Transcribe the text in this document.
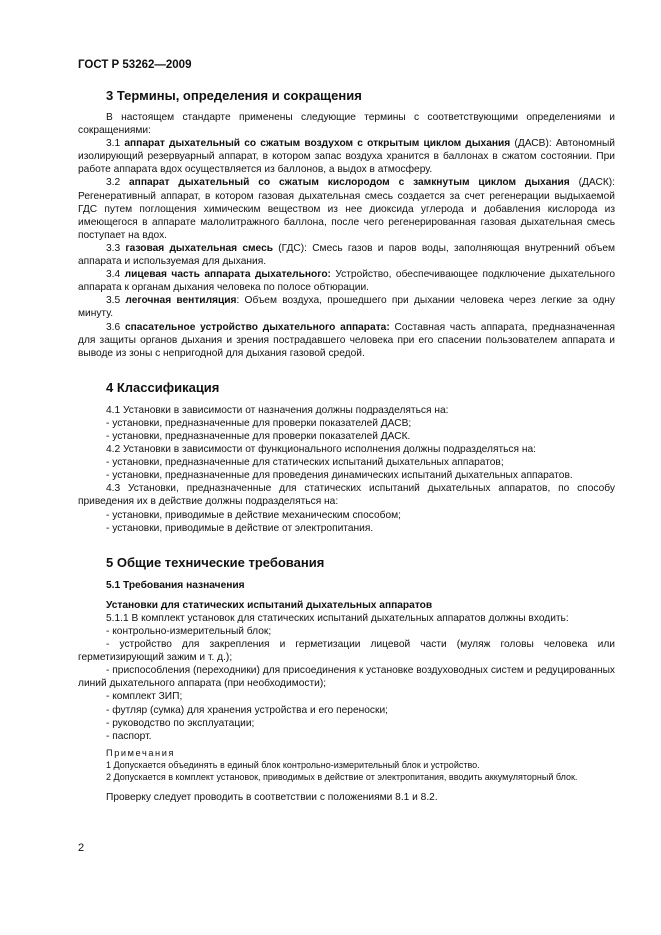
ГОСТ Р 53262—2009
3 Термины, определения и сокращения

В настоящем стандарте применены следующие термины с соответствующими определениями и сокращениями:

3.1 аппарат дыхательный со сжатым воздухом с открытым циклом дыхания (ДАСВ): Автономный изолирующий резервуарный аппарат, в котором запас воздуха хранится в баллонах в сжатом состоянии. При работе аппарата вдох осуществляется из баллонов, а выдох в атмосферу.

3.2 аппарат дыхательный со сжатым кислородом с замкнутым циклом дыхания (ДАСК): Регенеративный аппарат, в котором газовая дыхательная смесь создается за счет регенерации выдыхаемой ГДС путем поглощения химическим веществом из нее диоксида углерода и добавления кислорода из имеющегося в аппарате малолитражного баллона, после чего регенерированная газовая дыхательная смесь поступает на вдох.

3.3 газовая дыхательная смесь (ГДС): Смесь газов и паров воды, заполняющая внутренний объем аппарата и используемая для дыхания.

3.4 лицевая часть аппарата дыхательного: Устройство, обеспечивающее подключение дыхательного аппарата к органам дыхания человека по полосе обтюрации.

3.5 легочная вентиляция: Объем воздуха, прошедшего при дыхании человека через легкие за одну минуту.

3.6 спасательное устройство дыхательного аппарата: Составная часть аппарата, предназначенная для защиты органов дыхания и зрения пострадавшего человека при его спасении пользователем аппарата и выводе из зоны с непригодной для дыхания газовой средой.

4 Классификация

4.1 Установки в зависимости от назначения должны подразделяться на:

- установки, предназначенные для проверки показателей ДАСВ;

- установки, предназначенные для проверки показателей ДАСК.

4.2 Установки в зависимости от функционального исполнения должны подразделяться на:

- установки, предназначенные для статических испытаний дыхательных аппаратов;

- установки, предназначенные для проведения динамических испытаний дыхательных аппаратов.

4.3 Установки, предназначенные для статических испытаний дыхательных аппаратов, по способу приведения их в действие должны подразделяться на:

- установки, приводимые в действие механическим способом;

- установки, приводимые в действие от электропитания.

5 Общие технические требования

5.1 Требования назначения

Установки для статических испытаний дыхательных аппаратов

5.1.1 В комплект установок для статических испытаний дыхательных аппаратов должны входить:

- контрольно-измерительный блок;

- устройство для закрепления и герметизации лицевой части (муляж головы человека или герметизирующий зажим и т. д.);

- приспособления (переходники) для присоединения к установке воздуховодных систем и редуцированных линий дыхательного аппарата (при необходимости);

- комплект ЗИП;

- футляр (сумка) для хранения устройства и его переноски;

- руководство по эксплуатации;

- паспорт.

Примечания

1 Допускается объединять в единый блок контрольно-измерительный блок и устройство.

2 Допускается в комплект установок, приводимых в действие от электропитания, вводить аккумуляторный блок.

Проверку следует проводить в соответствии с положениями 8.1 и 8.2.

2
